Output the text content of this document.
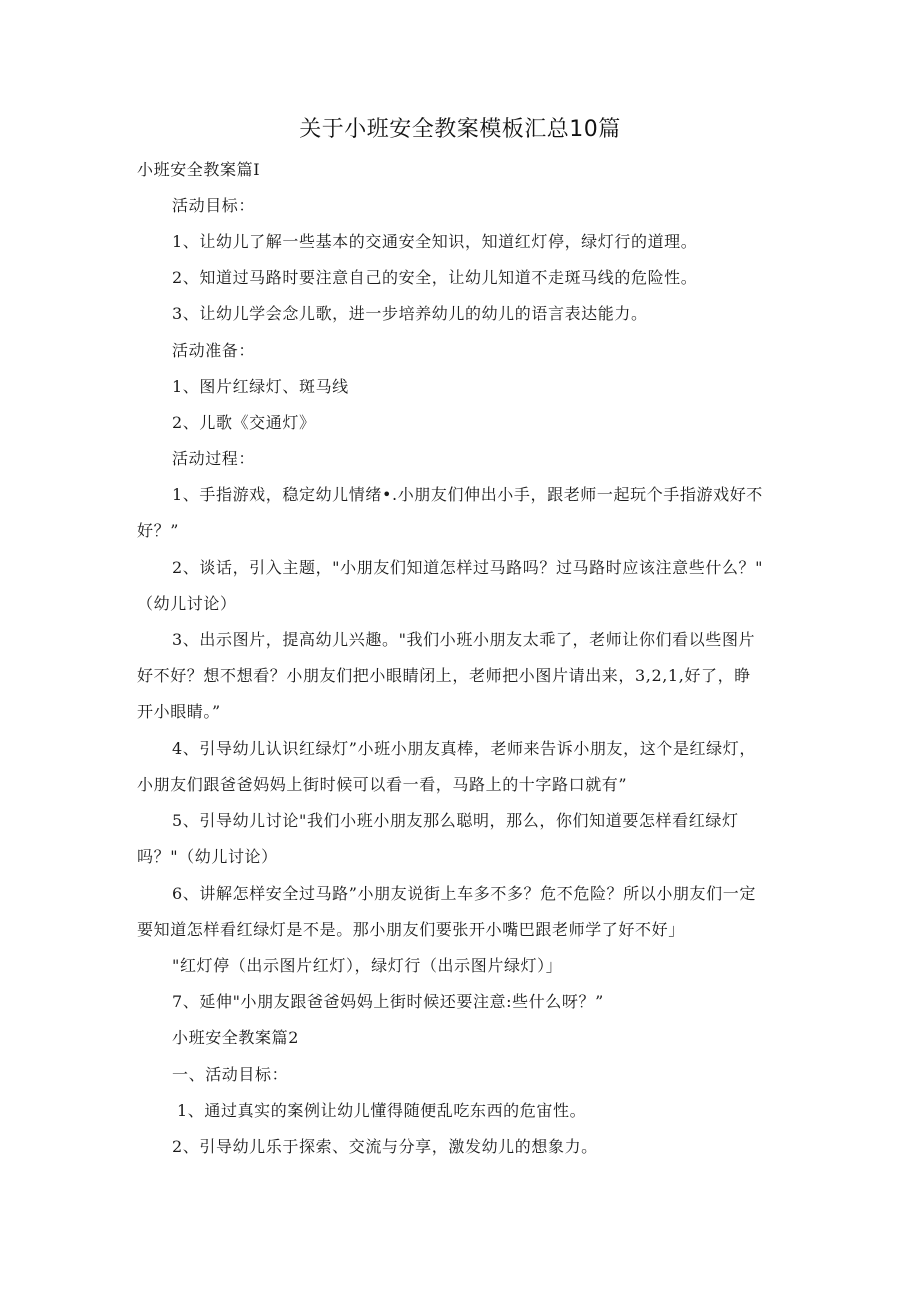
关于小班安全教案模板汇总10篇
小班安全教案篇I
活动目标：
1、让幼儿了解一些基本的交通安全知识，知道红灯停，绿灯行的道理。
2、知道过马路时要注意自己的安全，让幼儿知道不走斑马线的危险性。
3、让幼儿学会念儿歌，进一步培养幼儿的幼儿的语言表达能力。
活动准备：
1、图片红绿灯、斑马线
2、儿歌《交通灯》
活动过程：
1、手指游戏，稳定幼儿情绪•.小朋友们伸出小手，跟老师一起玩个手指游戏好不
好？”
2、谈话，引入主题，"小朋友们知道怎样过马路吗？过马路时应该注意些什么？"
（幼儿讨论）
3、出示图片，提高幼儿兴趣。"我们小班小朋友太乖了，老师让你们看以些图片
好不好？想不想看？小朋友们把小眼睛闭上，老师把小图片请出来，3,2,1,好了，睁
开小眼睛。”
4、引导幼儿认识红绿灯”小班小朋友真棒，老师来告诉小朋友，这个是红绿灯，
小朋友们跟爸爸妈妈上街时候可以看一看，马路上的十字路口就有”
5、引导幼儿讨论"我们小班小朋友那么聪明，那么，你们知道要怎样看红绿灯
吗？"（幼儿讨论）
6、讲解怎样安全过马路”小朋友说街上车多不多？危不危险？所以小朋友们一定
要知道怎样看红绿灯是不是。那小朋友们要张开小嘴巴跟老师学了好不好」
"红灯停（出示图片红灯），绿灯行（出示图片绿灯）」
7、延伸"小朋友跟爸爸妈妈上街时候还要注意:些什么呀？”
小班安全教案篇2
一、活动目标：
1、通过真实的案例让幼儿懂得随便乱吃东西的危宙性。
2、引导幼儿乐于探索、交流与分享，激发幼儿的想象力。
